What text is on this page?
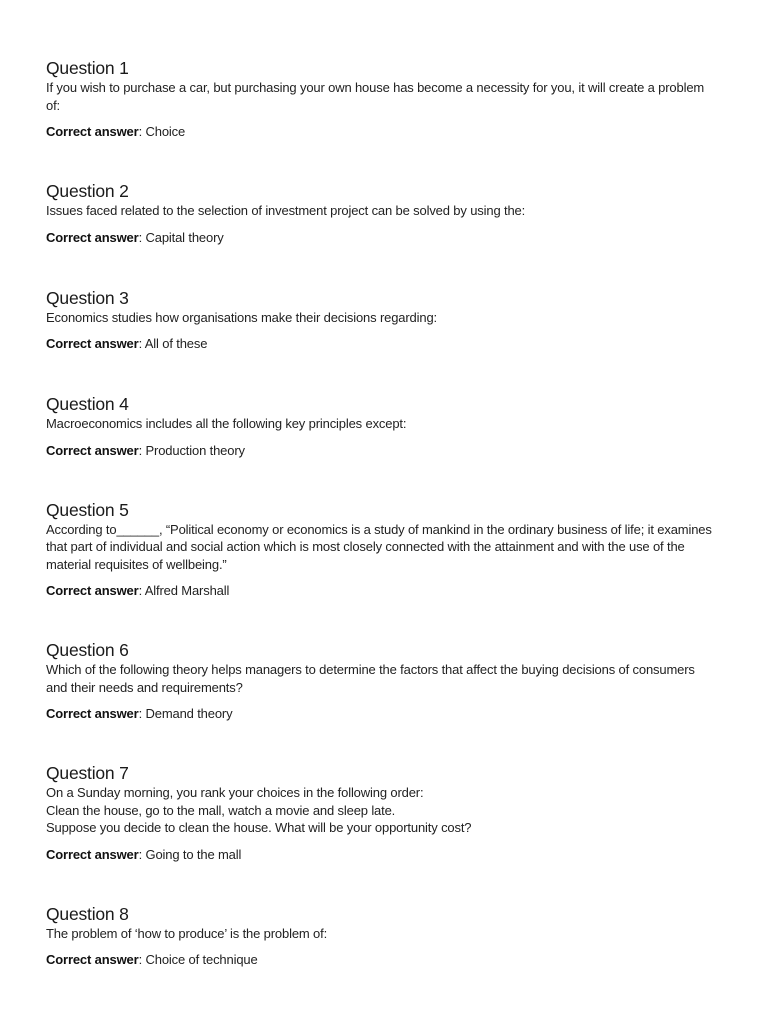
Question 1
If you wish to purchase a car, but purchasing your own house has become a necessity for you, it will create a problem of:
Correct answer: Choice
Question 2
Issues faced related to the selection of investment project can be solved by using the:
Correct answer: Capital theory
Question 3
Economics studies how organisations make their decisions regarding:
Correct answer: All of these
Question 4
Macroeconomics includes all the following key principles except:
Correct answer: Production theory
Question 5
According to______, “Political economy or economics is a study of mankind in the ordinary business of life; it examines that part of individual and social action which is most closely connected with the attainment and with the use of the material requisites of wellbeing.”
Correct answer: Alfred Marshall
Question 6
Which of the following theory helps managers to determine the factors that affect the buying decisions of consumers and their needs and requirements?
Correct answer: Demand theory
Question 7
On a Sunday morning, you rank your choices in the following order:
Clean the house, go to the mall, watch a movie and sleep late.
Suppose you decide to clean the house. What will be your opportunity cost?
Correct answer: Going to the mall
Question 8
The problem of ‘how to produce’ is the problem of:
Correct answer: Choice of technique
